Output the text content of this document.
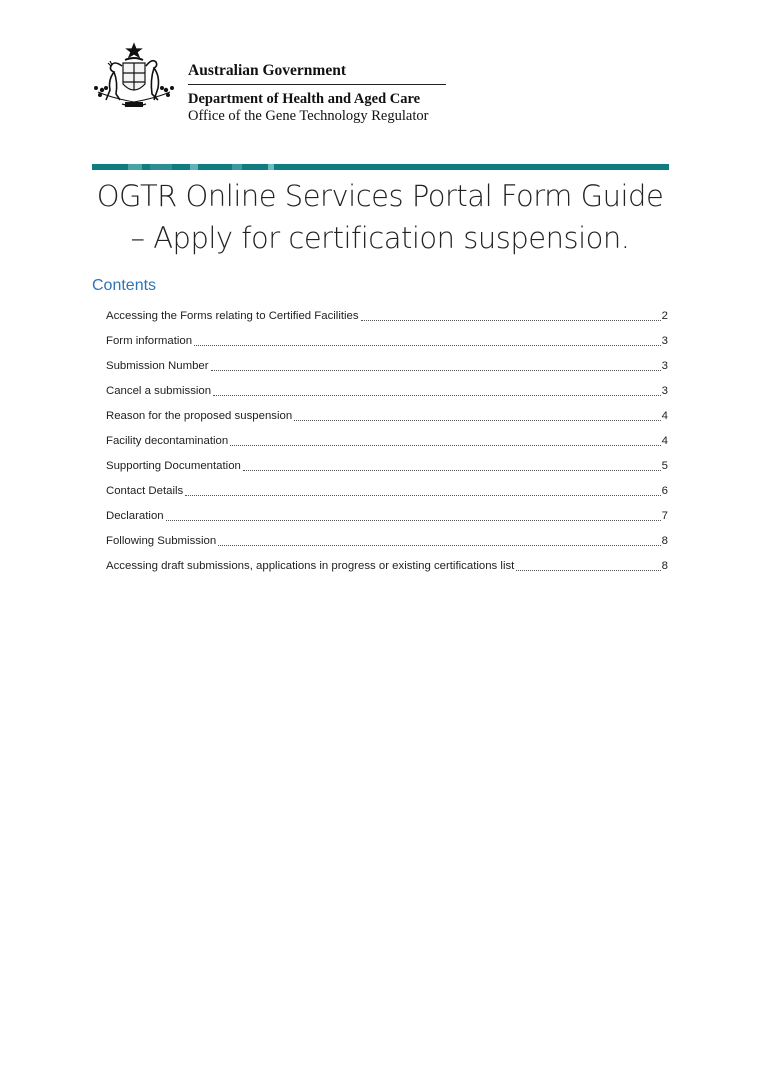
Australian Government
Department of Health and Aged Care
Office of the Gene Technology Regulator
OGTR Online Services Portal Form Guide
– Apply for certification suspension.
Contents
Accessing the Forms relating to Certified Facilities	2
Form information	3
Submission Number	3
Cancel a submission	3
Reason for the proposed suspension	4
Facility decontamination	4
Supporting Documentation	5
Contact Details	6
Declaration	7
Following Submission	8
Accessing draft submissions, applications in progress or existing certifications list	8
